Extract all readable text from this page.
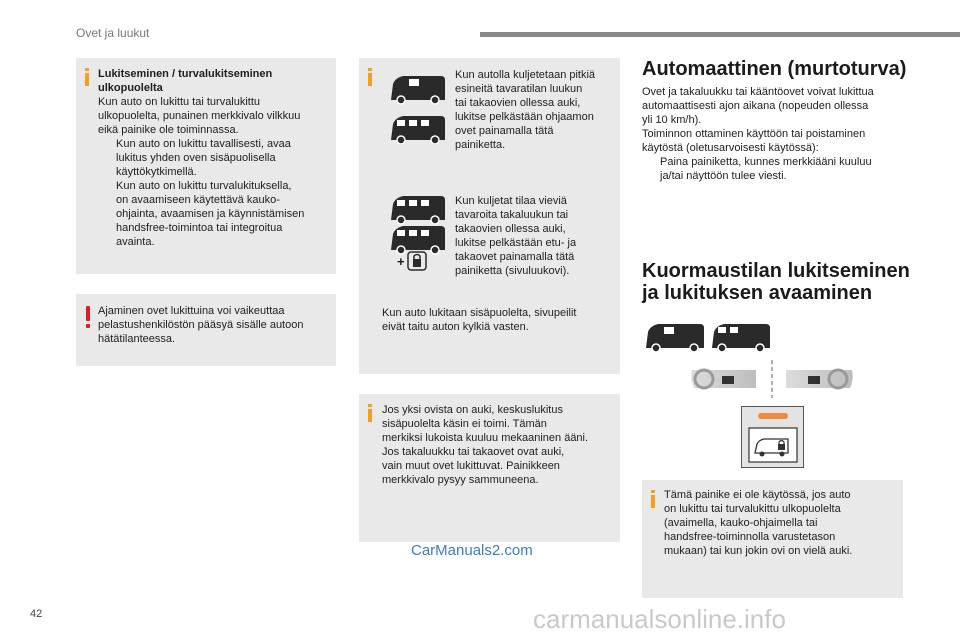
Ovet ja luukut
Lukitseminen / turvalukitseminen
ulkopuolelta
Kun auto on lukittu tai turvalukittu
ulkopuolelta, punainen merkkivalo vilkkuu
eikä painike ole toiminnassa.
Kun auto on lukittu tavallisesti, avaa
lukitus yhden oven sisäpuolisella
käyttökytkimellä.
Kun auto on lukittu turvalukituksella,
on avaamiseen käytettävä kauko-
ohjainta, avaamisen ja käynnistämisen
handsfree-toimintoa tai integroitua
avainta.
Ajaminen ovet lukittuina voi vaikeuttaa
pelastushenkilöstön pääsyä sisälle autoon
hätätilanteessa.
Kun autolla kuljetetaan pitkiä
esineitä tavaratilan luukun
tai takaovien ollessa auki,
lukitse pelkästään ohjaamon
ovet painamalla tätä
painiketta.
+
Kun kuljetat tilaa vieviä
tavaroita takaluukun tai
takaovien ollessa auki,
lukitse pelkästään etu- ja
takaovet painamalla tätä
painiketta (sivuluukovi).
Kun auto lukitaan sisäpuolelta, sivupeilit
eivät taitu auton kylkiä vasten.
Jos yksi ovista on auki, keskuslukitus
sisäpuolelta käsin ei toimi. Tämän
merkiksi lukoista kuuluu mekaaninen ääni.
Jos takaluukku tai takaovet ovat auki,
vain muut ovet lukittuvat. Painikkeen
merkkivalo pysyy sammuneena.
CarManuals2.com
Automaattinen (murtoturva)
Ovet ja takaluukku tai kääntöovet voivat lukittua
automaattisesti ajon aikana (nopeuden ollessa
yli 10 km/h).
Toiminnon ottaminen käyttöön tai poistaminen
käytöstä (oletusarvoisesti käytössä):
Paina painiketta, kunnes merkkiääni kuuluu
ja/tai näyttöön tulee viesti.
Kuormaustilan lukitseminen
ja lukituksen avaaminen
Tämä painike ei ole käytössä, jos auto
on lukittu tai turvalukittu ulkopuolelta
(avaimella, kauko-ohjaimella tai
handsfree-toiminnolla varustetason
mukaan) tai kun jokin ovi on vielä auki.
42	carmanualsonline.info
